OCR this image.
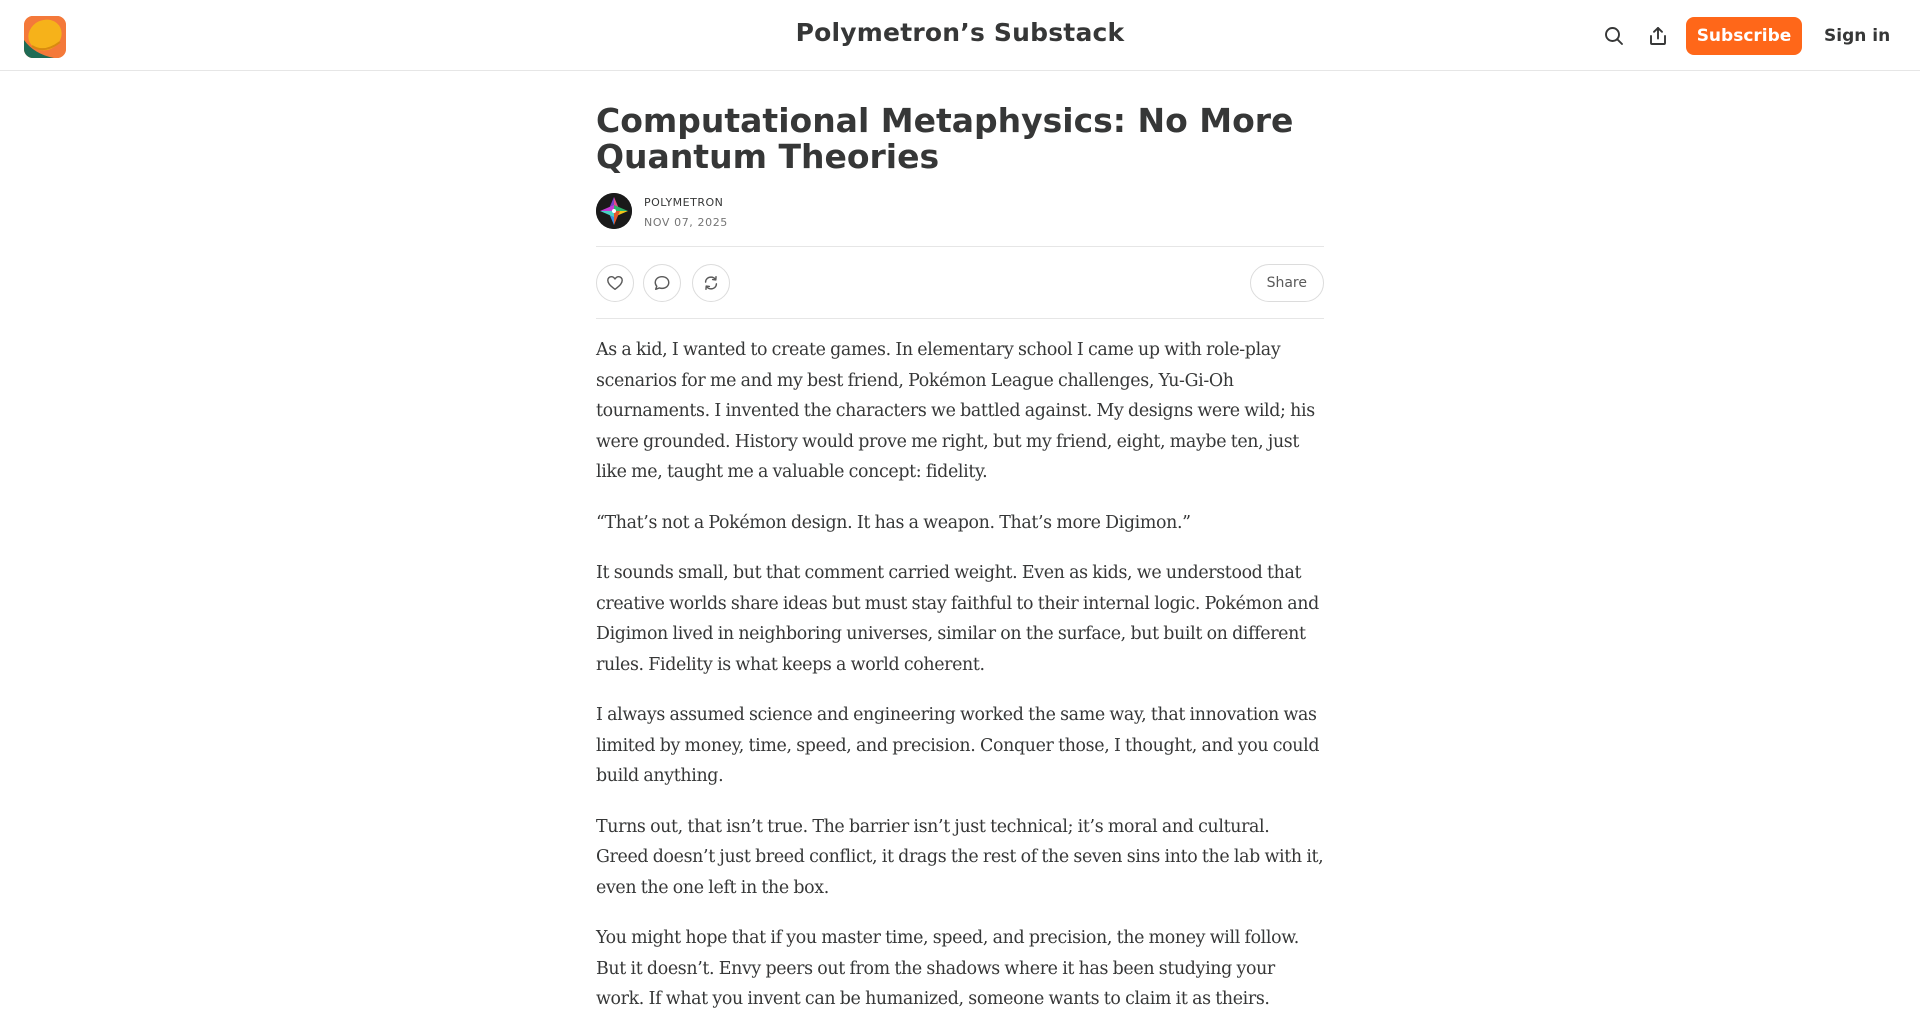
Polymetron’s Substack	Subscribe	Sign in
Computational Metaphysics: No More Quantum Theories
POLYMETRON
NOV 07, 2025
Share

As a kid, I wanted to create games. In elementary school I came up with role-play scenarios for me and my best friend, Pokémon League challenges, Yu-Gi-Oh tournaments. I invented the characters we battled against. My designs were wild; his were grounded. History would prove me right, but my friend, eight, maybe ten, just like me, taught me a valuable concept: fidelity.

“That’s not a Pokémon design. It has a weapon. That’s more Digimon.”

It sounds small, but that comment carried weight. Even as kids, we understood that creative worlds share ideas but must stay faithful to their internal logic. Pokémon and Digimon lived in neighboring universes, similar on the surface, but built on different rules. Fidelity is what keeps a world coherent.

I always assumed science and engineering worked the same way, that innovation was limited by money, time, speed, and precision. Conquer those, I thought, and you could build anything.

Turns out, that isn’t true. The barrier isn’t just technical; it’s moral and cultural. Greed doesn’t just breed conflict, it drags the rest of the seven sins into the lab with it, even the one left in the box.

You might hope that if you master time, speed, and precision, the money will follow. But it doesn’t. Envy peers out from the shadows where it has been studying your work. If what you invent can be humanized, someone wants to claim it as theirs.
